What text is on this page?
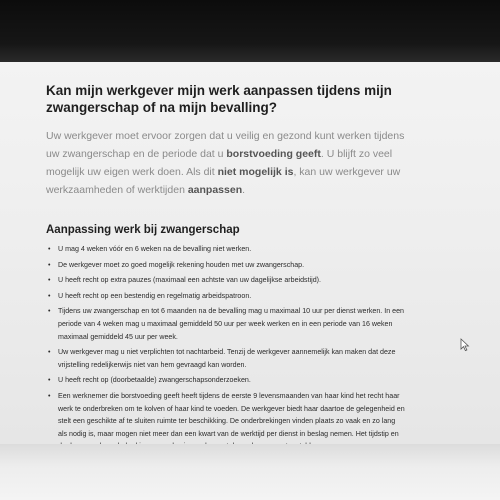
Kan mijn werkgever mijn werk aanpassen tijdens mijn zwangerschap of na mijn bevalling?

Uw werkgever moet ervoor zorgen dat u veilig en gezond kunt werken tijdens uw zwangerschap en de periode dat u borstvoeding geeft. U blijft zo veel mogelijk uw eigen werk doen. Als dit niet mogelijk is, kan uw werkgever uw werkzaamheden of werktijden aanpassen.

Aanpassing werk bij zwangerschap
• U mag 4 weken vóór en 6 weken na de bevalling niet werken.
• De werkgever moet zo goed mogelijk rekening houden met uw zwangerschap.
• U heeft recht op extra pauzes (maximaal een achtste van uw dagelijkse arbeidstijd).
• U heeft recht op een bestendig en regelmatig arbeidspatroon.
• Tijdens uw zwangerschap en tot 6 maanden na de bevalling mag u maximaal 10 uur per dienst werken. In een periode van 4 weken mag u maximaal gemiddeld 50 uur per week werken en in een periode van 16 weken maximaal gemiddeld 45 uur per week.
• Uw werkgever mag u niet verplichten tot nachtarbeid. Tenzij de werkgever aannemelijk kan maken dat deze vrijstelling redelijkerwijs niet van hem gevraagd kan worden.
• U heeft recht op (doorbetaalde) zwangerschapsonderzoeken.
• Een werknemer die borstvoeding geeft heeft tijdens de eerste 9 levensmaanden van haar kind het recht haar werk te onderbreken om te kolven of haar kind te voeden. De werkgever biedt haar daartoe de gelegenheid en stelt een geschikte af te sluiten ruimte ter beschikking. De onderbrekingen vinden plaats zo vaak en zo lang als nodig is, maar mogen niet meer dan een kwart van de werktijd per dienst in beslag nemen. Het tijdstip en
